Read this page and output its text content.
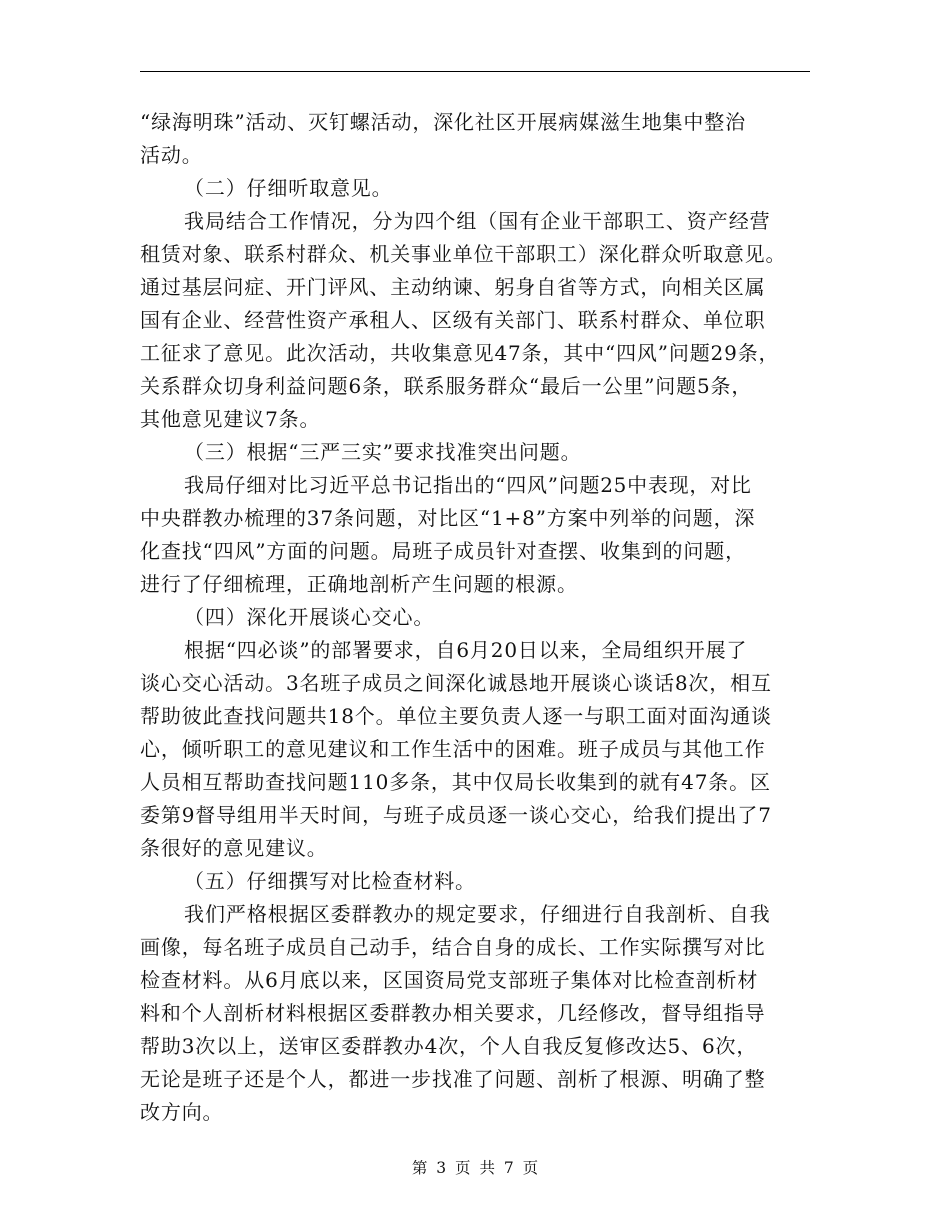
“绿海明珠”活动、灭钉螺活动，深化社区开展病媒滋生地集中整治
活动。
（二）仔细听取意见。
我局结合工作情况，分为四个组（国有企业干部职工、资产经营
租赁对象、联系村群众、机关事业单位干部职工）深化群众听取意见。
通过基层问症、开门评风、主动纳谏、躬身自省等方式，向相关区属
国有企业、经营性资产承租人、区级有关部门、联系村群众、单位职
工征求了意见。此次活动，共收集意见47条，其中“四风”问题29条，
关系群众切身利益问题6条，联系服务群众“最后一公里”问题5条，
其他意见建议7条。
（三）根据“三严三实”要求找准突出问题。
我局仔细对比习近平总书记指出的“四风”问题25中表现，对比
中央群教办梳理的37条问题，对比区“1+8”方案中列举的问题，深
化查找“四风”方面的问题。局班子成员针对查摆、收集到的问题，
进行了仔细梳理，正确地剖析产生问题的根源。
（四）深化开展谈心交心。
根据“四必谈”的部署要求，自6月20日以来，全局组织开展了
谈心交心活动。3名班子成员之间深化诚恳地开展谈心谈话8次，相互
帮助彼此查找问题共18个。单位主要负责人逐一与职工面对面沟通谈
心，倾听职工的意见建议和工作生活中的困难。班子成员与其他工作
人员相互帮助查找问题110多条，其中仅局长收集到的就有47条。区
委第9督导组用半天时间，与班子成员逐一谈心交心，给我们提出了7
条很好的意见建议。
（五）仔细撰写对比检查材料。
我们严格根据区委群教办的规定要求，仔细进行自我剖析、自我
画像，每名班子成员自己动手，结合自身的成长、工作实际撰写对比
检查材料。从6月底以来，区国资局党支部班子集体对比检查剖析材
料和个人剖析材料根据区委群教办相关要求，几经修改，督导组指导
帮助3次以上，送审区委群教办4次，个人自我反复修改达5、6次，
无论是班子还是个人，都进一步找准了问题、剖析了根源、明确了整
改方向。
第 3 页 共 7 页
